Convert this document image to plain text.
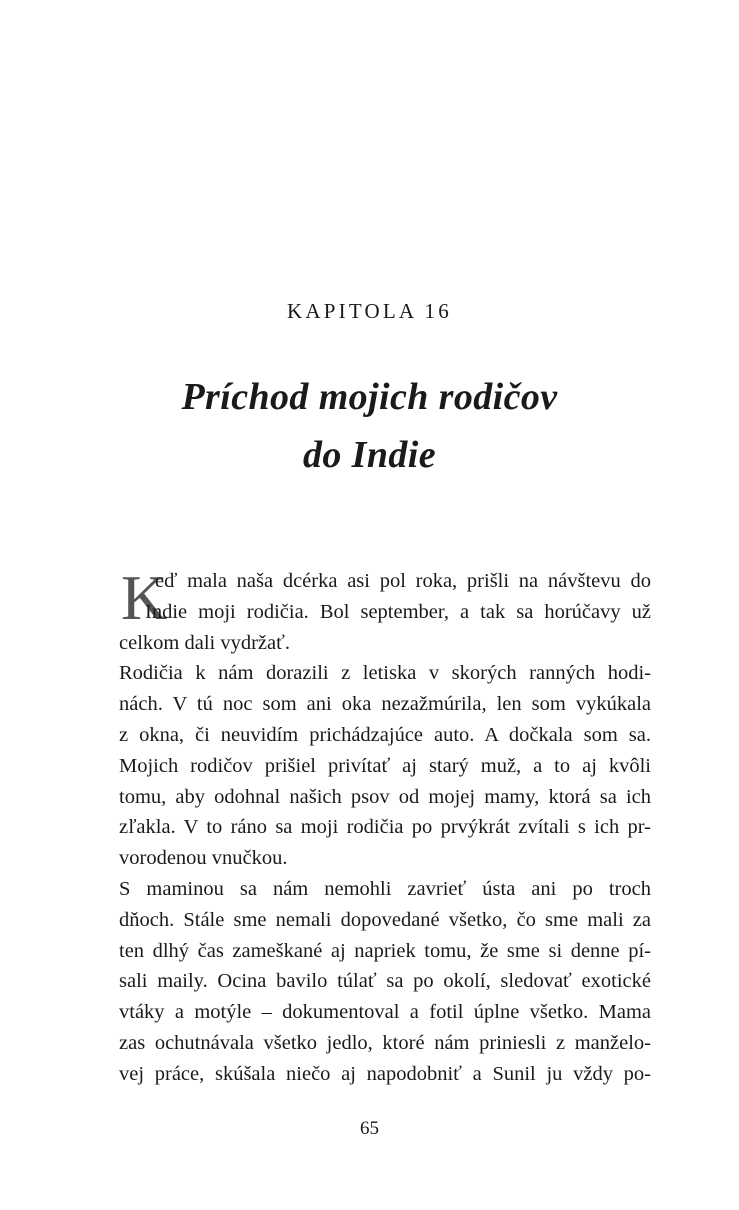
KAPITOLA 16
Príchod mojich rodičov
do Indie
K
eď mala naša dcérka asi pol roka, prišli na návštevu do
Indie moji rodičia. Bol september, a tak sa horúčavy už
celkom dali vydržať.
Rodičia k nám dorazili z letiska v skorých ranných hodi-
nách. V tú noc som ani oka nezažmúrila, len som vykúkala
z okna, či neuvidím prichádzajúce auto. A dočkala som sa.
Mojich rodičov prišiel privítať aj starý muž, a to aj kvôli
tomu, aby odohnal našich psov od mojej mamy, ktorá sa ich
zľakla. V to ráno sa moji rodičia po prvýkrát zvítali s ich pr-
vorodenou vnučkou.
S maminou sa nám nemohli zavrieť ústa ani po troch
dňoch. Stále sme nemali dopovedané všetko, čo sme mali za
ten dlhý čas zameškané aj napriek tomu, že sme si denne pí-
sali maily. Ocina bavilo túlať sa po okolí, sledovať exotické
vtáky a motýle – dokumentoval a fotil úplne všetko. Mama
zas ochutnávala všetko jedlo, ktoré nám priniesli z manželo-
vej práce, skúšala niečo aj napodobniť a Sunil ju vždy po-
65
